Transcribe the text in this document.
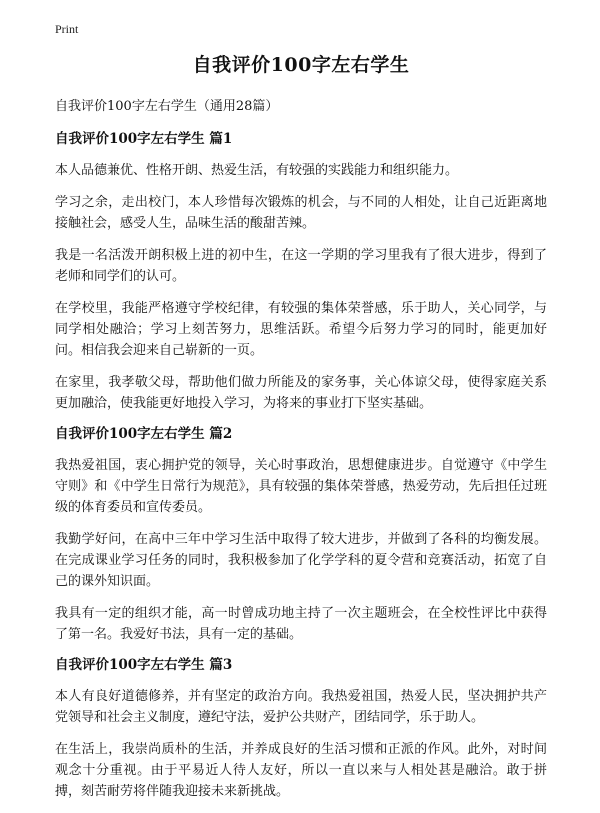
Print
自我评价100字左右学生
自我评价100字左右学生（通用28篇）
自我评价100字左右学生 篇1

本人品德兼优、性格开朗、热爱生活，有较强的实践能力和组织能力。

学习之余，走出校门，本人珍惜每次锻炼的机会，与不同的人相处，让自己近距离地接触社会，感受人生，品味生活的酸甜苦辣。

我是一名活泼开朗积极上进的初中生，在这一学期的学习里我有了很大进步，得到了老师和同学们的认可。

在学校里，我能严格遵守学校纪律，有较强的集体荣誉感，乐于助人，关心同学，与同学相处融洽；学习上刻苦努力，思维活跃。希望今后努力学习的同时，能更加好问。相信我会迎来自己崭新的一页。

在家里，我孝敬父母，帮助他们做力所能及的家务事，关心体谅父母，使得家庭关系更加融洽，使我能更好地投入学习，为将来的事业打下坚实基础。

自我评价100字左右学生 篇2

我热爱祖国，衷心拥护党的领导，关心时事政治，思想健康进步。自觉遵守《中学生守则》和《中学生日常行为规范》，具有较强的集体荣誉感，热爱劳动，先后担任过班级的体育委员和宣传委员。

我勤学好问，在高中三年中学习生活中取得了较大进步，并做到了各科的均衡发展。在完成课业学习任务的同时，我积极参加了化学学科的夏令营和竞赛活动，拓宽了自己的课外知识面。

我具有一定的组织才能，高一时曾成功地主持了一次主题班会，在全校性评比中获得了第一名。我爱好书法，具有一定的基础。

自我评价100字左右学生 篇3

本人有良好道德修养，并有坚定的政治方向。我热爱祖国，热爱人民，坚决拥护共产党领导和社会主义制度，遵纪守法，爱护公共财产，团结同学，乐于助人。

在生活上，我崇尚质朴的生活，并养成良好的生活习惯和正派的作风。此外，对时间观念十分重视。由于平易近人待人友好，所以一直以来与人相处甚是融洽。敢于拼搏，刻苦耐劳将伴随我迎接未来新挑战。
